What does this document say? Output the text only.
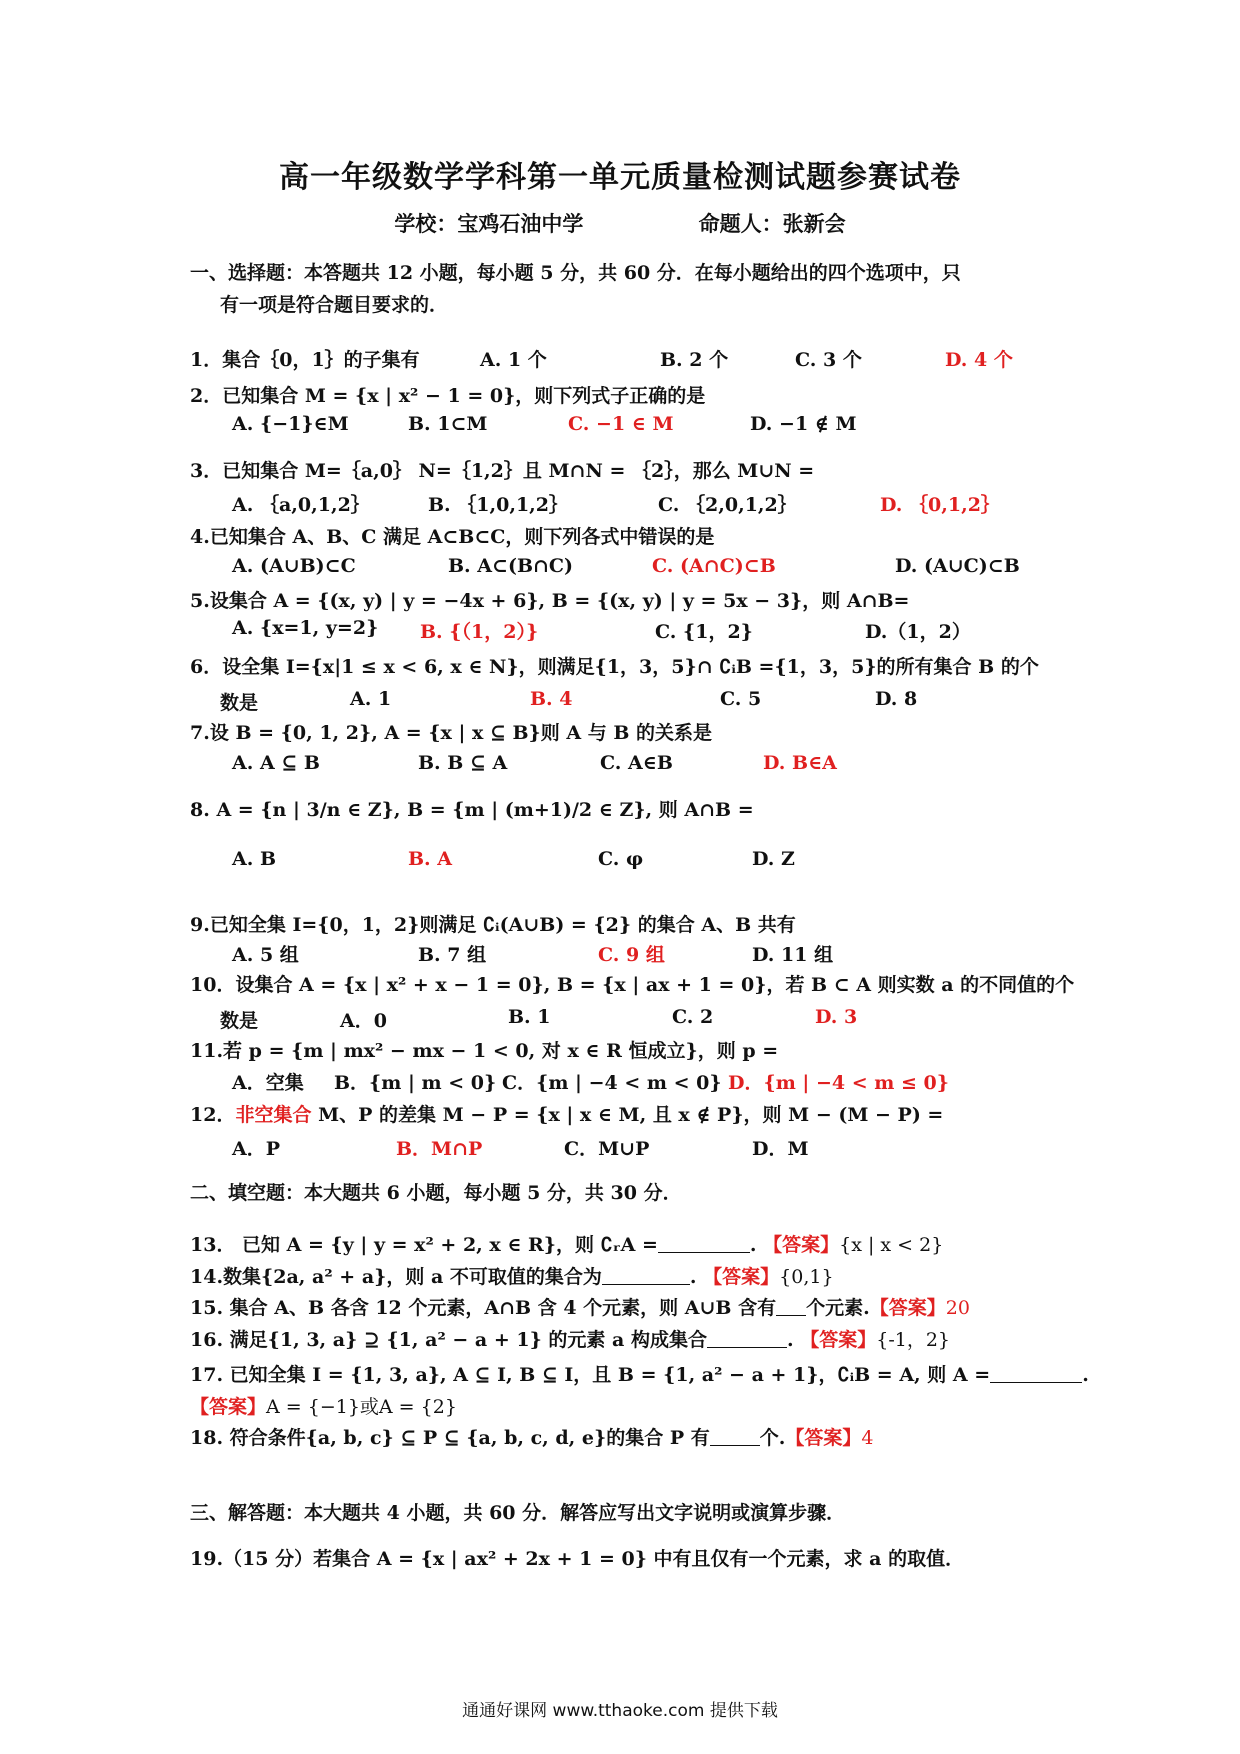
高一年级数学学科第一单元质量检测试题参赛试卷
学校：宝鸡石油中学	命题人：张新会
一、选择题：本答题共 12 小题，每小题 5 分，共 60 分．在每小题给出的四个选项中，只
有一项是符合题目要求的．
1．集合｛0，1｝的子集有	A. 1 个	B. 2 个	C. 3 个	D. 4 个
2．已知集合 M = {x | x² − 1 = 0}，则下列式子正确的是
A. {−1}∈M	B. 1⊂M	C. −1 ∈ M	D. −1 ∉ M
3．已知集合 M=｛a,0｝ N=｛1,2｝且 M∩N = ｛2｝，那么 M∪N =
A. ｛a,0,1,2｝	B. ｛1,0,1,2｝	C. ｛2,0,1,2｝	D. ｛0,1,2｝
4.已知集合 A、B、C 满足 A⊂B⊂C，则下列各式中错误的是
A. (A∪B)⊂C	B. A⊂(B∩C)	C. (A∩C)⊂B	D. (A∪C)⊂B
5.设集合 A = {(x, y) | y = −4x + 6}, B = {(x, y) | y = 5x − 3}，则 A∩B=
A. {x=1, y=2} B. {（1，2）}	C. {1，2}	D.（1，2）
6．设全集 I={x|1 ≤ x < 6, x ∈ N}，则满足{1，3，5}∩ ∁ᵢB ={1，3，5}的所有集合 B 的个
数是	A. 1	B. 4	C. 5	D. 8
7.设 B = {0, 1, 2}, A = {x | x ⊆ B}则 A 与 B 的关系是
A. A ⊆ B	B. B ⊆ A	C. A∈B	D. B∈A
8. A = {n | 3/n ∈ Z}, B = {m | (m+1)/2 ∈ Z}, 则 A∩B =
A. B	B. A	C. φ	D. Z
9.已知全集 I={0，1，2}则满足 ∁ᵢ(A∪B) = {2} 的集合 A、B 共有
A. 5 组	B. 7 组	C. 9 组	D. 11 组
10．设集合 A = {x | x² + x − 1 = 0}, B = {x | ax + 1 = 0}，若 B ⊂ A 则实数 a 的不同值的个
数是	A．0	B. 1	C. 2	D. 3
11.若 p = {m | mx² − mx − 1 < 0, 对 x ∈ R 恒成立}，则 p =
A．空集 B．{m | m < 0} C．{m | −4 < m < 0} D．{m | −4 < m ≤ 0}
12．非空集合 M、P 的差集 M − P = {x | x ∈ M, 且 x ∉ P}，则 M − (M − P) =
A．P	B．M∩P	C．M∪P	D．M
二、填空题：本大题共 6 小题，每小题 5 分，共 30 分．
13． 已知 A = {y | y = x² + 2, x ∈ R}，则 ∁ᵣA =	. 【答案】{x | x < 2}
14.数集{2a, a² + a}，则 a 不可取值的集合为	. 【答案】{0,1}
15. 集合 A、B 各含 12 个元素，A∩B 含 4 个元素，则 A∪B 含有 个元素.【答案】20
16. 满足{1, 3, a} ⊇ {1, a² − a + 1} 的元素 a 构成集合	. 【答案】{-1，2}
17. 已知全集 I = {1, 3, a}, A ⊆ I, B ⊆ I，且 B = {1, a² − a + 1}，∁ᵢB = A, 则 A =	.
【答案】A = {−1}或A = {2}
18. 符合条件{a, b, c} ⊆ P ⊆ {a, b, c, d, e}的集合 P 有	个.【答案】4
三、解答题：本大题共 4 小题，共 60 分．解答应写出文字说明或演算步骤．
19.（15 分）若集合 A = {x | ax² + 2x + 1 = 0} 中有且仅有一个元素，求 a 的取值．
通通好课网 www.tthaoke.com 提供下载
